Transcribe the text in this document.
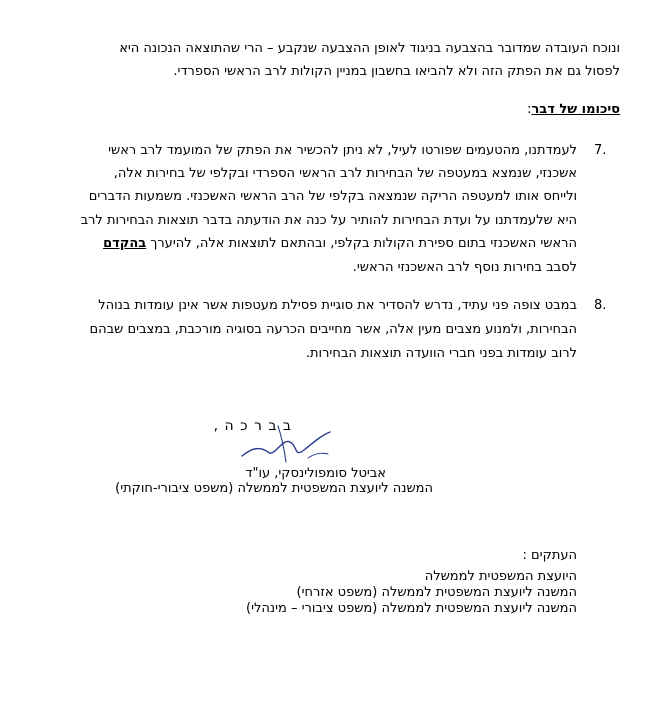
ונוכח העובדה שמדובר בהצבעה בניגוד לאופן ההצבעה שנקבע – הרי שהתוצאה הנכונה היא
לפסול גם את הפתק הזה ולא להביאו בחשבון במניין הקולות לרב הראשי הספרדי.
סיכומו של דבר:
7.
לעמדתנו, מהטעמים שפורטו לעיל, לא ניתן להכשיר את הפתק של המועמד לרב ראשי
אשכנזי, שנמצא במעטפה של הבחירות לרב הראשי הספרדי ובקלפי של בחירות אלה,
ולייחס אותו למעטפה הריקה שנמצאה בקלפי של הרב הראשי האשכנזי. משמעות הדברים
היא שלעמדתנו על ועדת הבחירות להותיר על כנה את הודעתה בדבר תוצאות הבחירות לרב
הראשי האשכנזי בתום ספירת הקולות בקלפי, ובהתאם לתוצאות אלה, להיערך בהקדם
לסבב בחירות נוסף לרב האשכנזי הראשי.
8.
במבט צופה פני עתיד, נדרש להסדיר את סוגיית פסילת מעטפות אשר אינן עומדות בנוהל
הבחירות, ולמנוע מצבים מעין אלה, אשר מחייבים הכרעה בסוגיה מורכבת, במצבים שבהם
לרוב עומדות בפני חברי הוועדה תוצאות הבחירות.
ב ב ר כ ה ,
אביטל סומפולינסקי, עו"ד
המשנה ליועצת המשפטית לממשלה (משפט ציבורי-חוקתי)
העתקים :
היועצת המשפטית לממשלה
המשנה ליועצת המשפטית לממשלה (משפט אזרחי)
המשנה ליועצת המשפטית לממשלה (משפט ציבורי – מינהלי)
